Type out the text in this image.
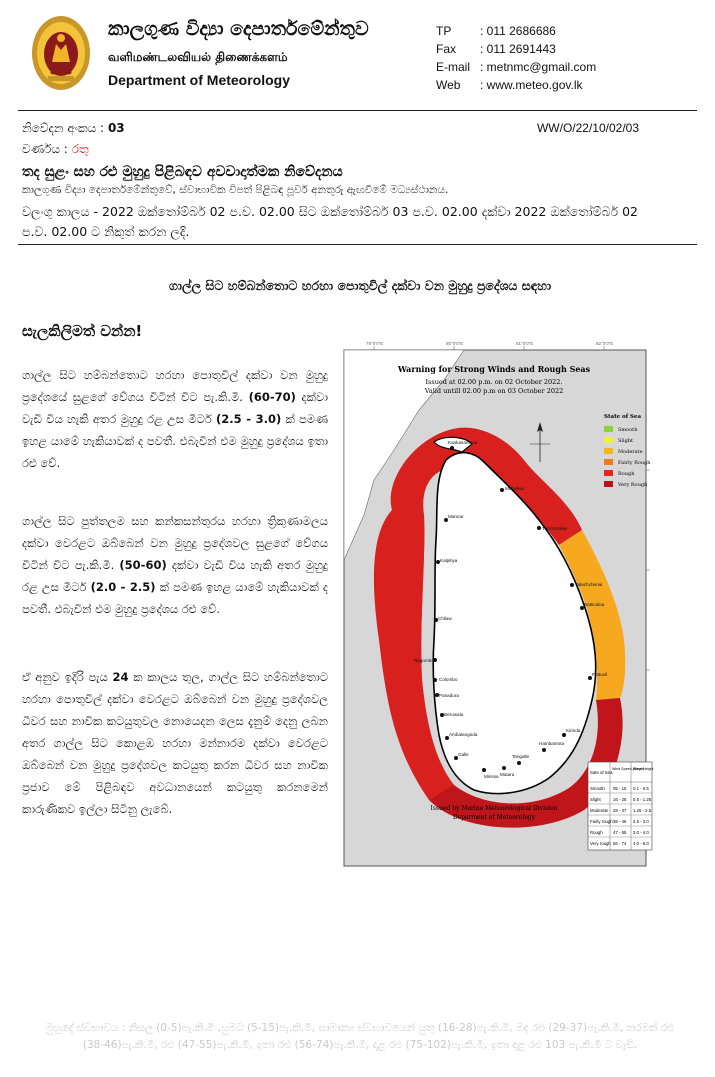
කාලගුණ විද්‍යා දෙපාර්තමේන්තුව
வளிமண்டலவியல் திணைக்களம்
Department of Meteorology
TP	: 011 2686686
Fax	: 011 2691443
E-mail : metnmc@gmail.com
Web	: www.meteo.gov.lk
නිවේදන අංකය : 03	WW/O/22/10/02/03
වර්ණය : රතු
තද සුළං සහ රළු මුහුදු පිළිබඳව අවවාදාත්මක නිවේදනය
කාලගුණ විද්‍යා දෙපාර්තමේන්තුවේ, ස්වාභාවික විපත් පිළිබඳ පූර්ව අනතුරු ඇඟවීමේ මධ්‍යස්ථානය.
වලංගු කාලය - 2022 ඔක්තෝම්බර් 02 ප.ව. 02.00 සිට ඔක්තෝම්බර් 03 ප.ව. 02.00 දක්වා 2022 ඔක්තෝම්බර් 02 ප.ව. 02.00 ට නිකුත් කරන ලදි.
ගාල්ල සිට හම්බන්තොට හරහා පොතුවිල් දක්වා වන මුහුදු ප්‍රදේශය සඳහා
සැලකිලිමත් වන්න!
ගාල්ල සිට හම්බන්තොට හරහා පොතුවිල් දක්වා වන මුහුදු ප්‍රදේශයේ සුළගේ වේගය විටින් විට පැ.කි.මී. (60-70) දක්වා වැඩි විය හැකි අතර මුහුදු රළ උස මීටර් (2.5 - 3.0) ක් පමණ ඉහළ යාමේ හැකියාවක් ද පවතී. එබැවින් එම මුහුදු ප්‍රදේශය ඉතා රළු වේ.
ගාල්ල සිට පුත්තලම සහ කන්කසන්තුරය හරහා ත්‍රිකුණාමලය දක්වා වෙරළට ඔබ්බෙන් වන මුහුදු ප්‍රදේශවල සුළගේ වේගය විටින් විට පැ.කි.මී. (50-60) දක්වා වැඩි විය හැකි අතර මුහුදු රළ උස මීටර් (2.0 - 2.5) ක් පමණ ඉහළ යාමේ හැකියාවක් ද පවතී. එබැවින් එම මුහුදු ප්‍රදේශය රළු වේ.
ඒ අනුව ඉදිරි පැය 24 ක කාලය තුල, ගාල්ල සිට හම්බන්තොට හරහා පොතුවිල් දක්වා වෙරළට ඔබ්බෙන් වන මුහුදු ප්‍රදේශවල ධීවර සහ නාවික කටයුතුවල නොයෙදන ලෙස දැනුම් දෙනු ලබන අතර ගාල්ල සිට කොළඹ හරහා මන්නාරම දක්වා වෙරළට ඔබ්බෙන් වන මුහුදු ප්‍රදේශවල කටයුතු කරන ධීවර සහ නාවික ප්‍රජාව මේ පිළිබඳව අවධානයෙන් කටයුතු කරනමෙන් කාරුණිකව ඉල්ලා සිටිනු ලැබේ.
79°0'0"E	80°0'0"E	81°0'0"E	82°0'0"E
Kankasanturai
Mullaitivu
Mannar
Trincomalee
Kalpitiya
Valachchenai
Batticaloa
Chilaw
Negombo
Colombo
Panadura
Pottuvil
Beruwala
Ambalangoda
Galle
Matara
Mirissa
Tangalle
Hambantota
Kirinda
Warning for Strong Winds and Rough Seas
Issued at 02.00 p.m. on 02 October 2022.
Valid untill 02.00 p.m on 03 October 2022
State of Sea
Smooth
Slight
Moderate
Fairly Rough
Rough
Very Rough
Sate of Sea
Wind Speed (Kmph)
Wave Height
Smooth 05 - 15 0.1 - 0.5
Slight	16 - 28 0.5 - 1.25
Moderate 29 - 37 1.25 - 2.5
Fairly rough 38 - 46 2.5 - 3.0
Rough 47 - 55 3.0 - 4.0
Very rough 56 - 74 4.0 - 6.0
Issued by Marine Meteorological Division
Deparment of Meteorology
මුහුදේ ස්වභාවය : නිසල (0-5)පැ.කි.මී ,සුමට (5-15)පැ.කි.මී, සාමාන්‍ය ස්වභාවයෙන් යුතු (16-28)පැ.කි.මී, මද රළු (29-37)පැ.කි.මී, තරමක් රළු (38-46)පැ.කි.මී, රළු (47-55)පැ.කි.මී, ඉතා රළු (56-74)පැ.කි.මී, දළ රළු (75-102)පැ.කි.මී, ඉතා දළ රළු 103 පැ.කි.මී ට වැඩි.
